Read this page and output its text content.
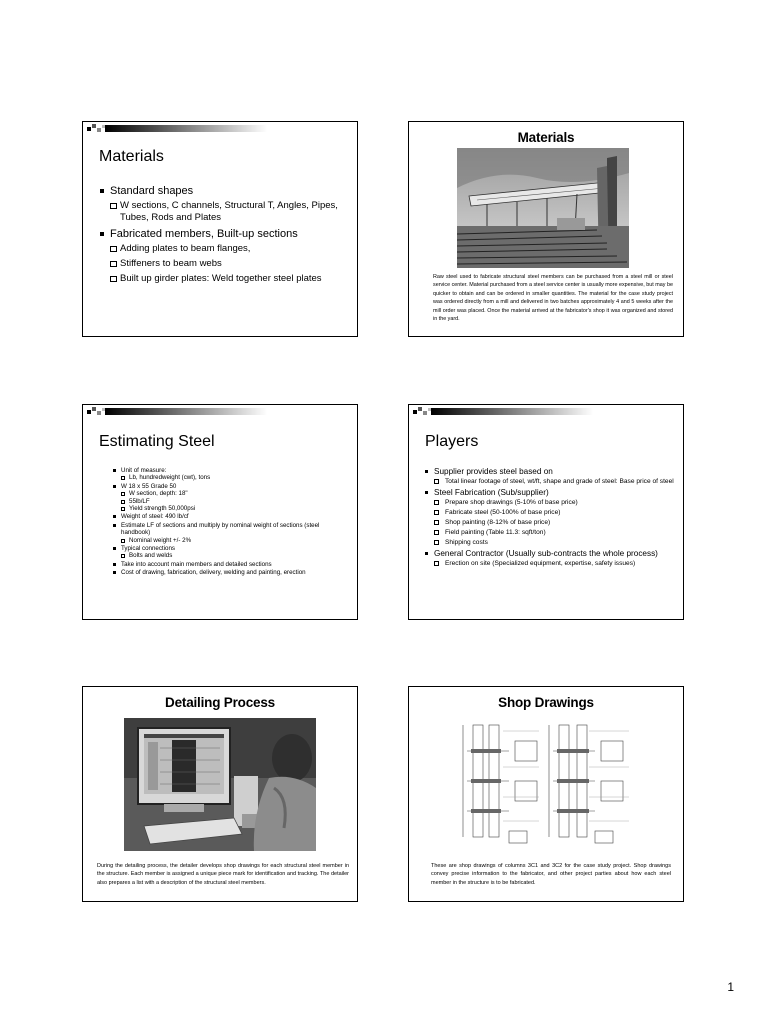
Materials
Standard shapes
W sections, C channels, Structural T, Angles, Pipes, Tubes, Rods and Plates
Fabricated members, Built-up sections
Adding plates to beam flanges,
Stiffeners to beam webs
Built up girder plates: Weld together steel plates
Materials
Raw steel used to fabricate structural steel members can be purchased from a steel mill or steel service center. Material purchased from a steel service center is usually more expensive, but may be quicker to obtain and can be ordered in smaller quantities. The material for the case study project was ordered directly from a mill and delivered in two batches approximately 4 and 5 weeks after the mill order was placed. Once the material arrived at the fabricator's shop it was organized and stored in the yard.
Estimating Steel
Unit of measure:
Lb, hundredweight (cwt), tons
W 18 x 55 Grade 50
W section, depth: 18"
55lb/LF
Yield strength 50,000psi
Weight of steel: 490 lb/cf
Estimate LF of sections and multiply by nominal weight of sections (steel handbook)
Nominal weight +/- 2%
Typical connections
Bolts and welds
Take into account main members and detailed sections
Cost of drawing, fabrication, delivery, welding and painting, erection
Players
Supplier provides steel based on
Total linear footage of steel, wt/ft, shape and grade of steel: Base price of steel
Steel Fabrication (Sub/supplier)
Prepare shop drawings (5-10% of base price)
Fabricate steel (50-100% of base price)
Shop painting (8-12% of base price)
Field painting (Table 11.3: sqft/ton)
Shipping costs
General Contractor (Usually sub-contracts the whole process)
Erection on site (Specialized equipment, expertise, safety issues)
Detailing Process
During the detailing process, the detailer develops shop drawings for each structural steel member in the structure. Each member is assigned a unique piece mark for identification and tracking. The detailer also prepares a list with a description of the structural steel members.
Shop Drawings
These are shop drawings of columns 3C1 and 3C2 for the case study project. Shop drawings convey precise information to the fabricator, and other project parties about how each steel member in the structure is to be fabricated.
1
